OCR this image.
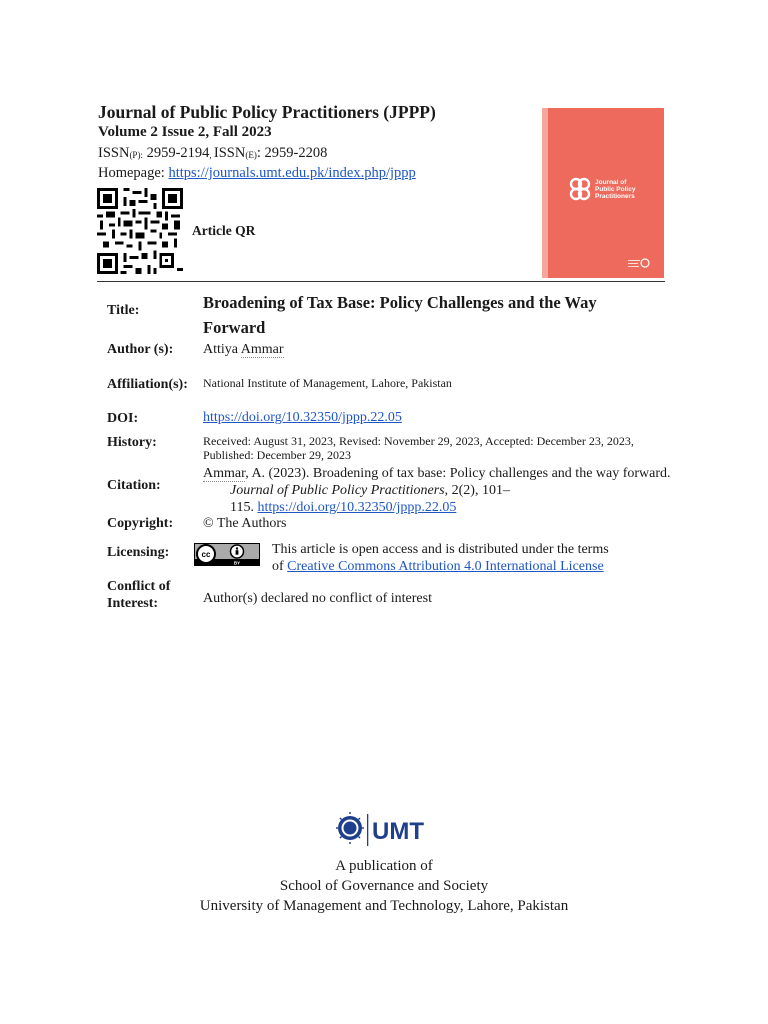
Journal of Public Policy Practitioners (JPPP)
Volume 2 Issue 2, Fall 2023
$ISSN_{(P):}$ $2959-2194_,$ $ISSN_{(E)}$: 2959-2208
Homepage: https://journals.umt.edu.pk/index.php/jppp
Article QR
Journal of
Public Policy
Practitioners
Title:	Broadening of Tax Base: Policy Challenges and the Way Forward
Author (s): Attiya Ammar
Affiliation(s): National Institute of Management, Lahore, Pakistan
DOI:	https://doi.org/10.32350/jppp.22.05
History:	Received: August 31, 2023, Revised: November 29, 2023, Accepted: December 23, 2023,
Published: December 29, 2023
Citation:
Ammar, A. (2023). Broadening of tax base: Policy challenges and the way forward.
Journal of Public Policy Practitioners, 2(2), 101–
115. https://doi.org/10.32350/jppp.22.05
Copyright: © The Authors
Licensing:	cc
BY
This article is open access and is distributed under the terms
of Creative Commons Attribution 4.0 International License
Conflict of
Interest:	Author(s) declared no conflict of interest
UMT
A publication of
School of Governance and Society
University of Management and Technology, Lahore, Pakistan
